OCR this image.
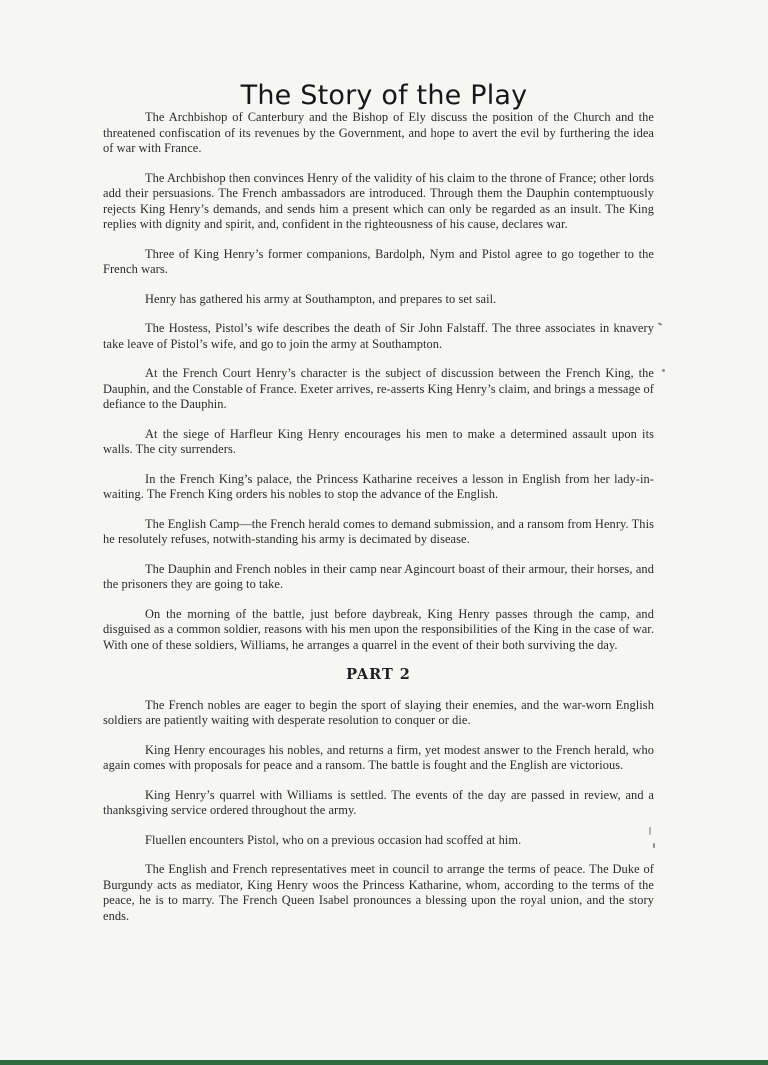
The Story of the Play

The Archbishop of Canterbury and the Bishop of Ely discuss the position of the Church and the threatened confiscation of its revenues by the Government, and hope to avert the evil by furthering the idea of war with France.

The Archbishop then convinces Henry of the validity of his claim to the throne of France; other lords add their persuasions. The French ambassadors are introduced. Through them the Dauphin contemptuously rejects King Henry’s demands, and sends him a present which can only be regarded as an insult. The King replies with dignity and spirit, and, confident in the righteousness of his cause, declares war.

Three of King Henry’s former companions, Bardolph, Nym and Pistol agree to go together to the French wars.

Henry has gathered his army at Southampton, and prepares to set sail.

The Hostess, Pistol’s wife describes the death of Sir John Falstaff. The three associates in knavery take leave of Pistol’s wife, and go to join the army at Southampton.

At the French Court Henry’s character is the subject of discussion between the French King, the Dauphin, and the Constable of France. Exeter arrives, re-asserts King Henry’s claim, and brings a message of defiance to the Dauphin.

At the siege of Harfleur King Henry encourages his men to make a determined assault upon its walls. The city surrenders.

In the French King’s palace, the Princess Katharine receives a lesson in English from her lady-in-waiting. The French King orders his nobles to stop the advance of the English.

The English Camp—the French herald comes to demand submission, and a ransom from Henry. This he resolutely refuses, notwith-standing his army is decimated by disease.

The Dauphin and French nobles in their camp near Agincourt boast of their armour, their horses, and the prisoners they are going to take.

On the morning of the battle, just before daybreak, King Henry passes through the camp, and disguised as a common soldier, reasons with his men upon the responsibilities of the King in the case of war. With one of these soldiers, Williams, he arranges a quarrel in the event of their both surviving the day.

PART 2

The French nobles are eager to begin the sport of slaying their enemies, and the war-worn English soldiers are patiently waiting with desperate resolution to conquer or die.

King Henry encourages his nobles, and returns a firm, yet modest answer to the French herald, who again comes with proposals for peace and a ransom. The battle is fought and the English are victorious.

King Henry’s quarrel with Williams is settled. The events of the day are passed in review, and a thanksgiving service ordered throughout the army.

Fluellen encounters Pistol, who on a previous occasion had scoffed at him.

The English and French representatives meet in council to arrange the terms of peace. The Duke of Burgundy acts as mediator, King Henry woos the Princess Katharine, whom, according to the terms of the peace, he is to marry. The French Queen Isabel pronounces a blessing upon the royal union, and the story ends.
